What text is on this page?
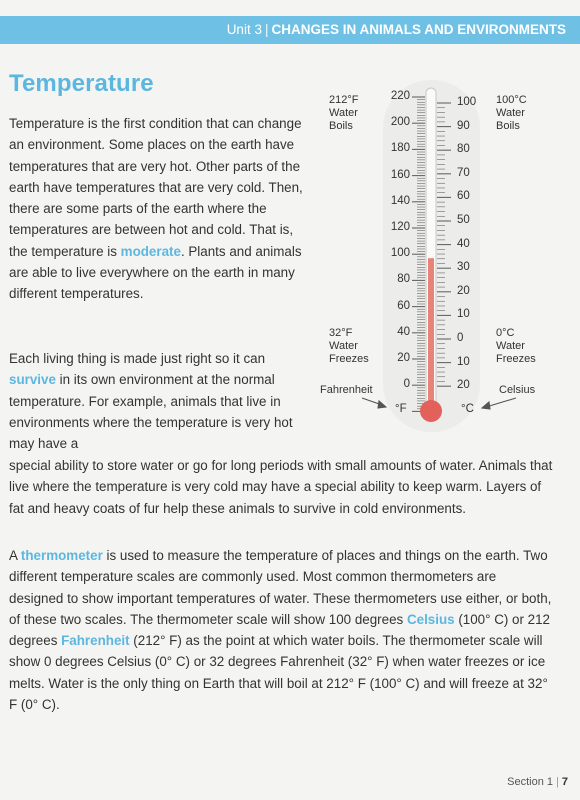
Unit 3 | CHANGES IN ANIMALS AND ENVIRONMENTS
Temperature

Temperature is the first condition that can change an environment. Some places on the earth have temperatures that are very hot. Other parts of the earth have temperatures that are very cold. Then, there are some parts of the earth where the temperatures are between hot and cold. That is, the temperature is moderate. Plants and animals are able to live everywhere on the earth in many different temperatures.

Each living thing is made just right so it can survive in its own environment at the normal temperature. For example, animals that live in environments where the temperature is very hot may have a

special ability to store water or go for long periods with small amounts of water. Animals that live where the temperature is very cold may have a special ability to keep warm. Layers of fat and heavy coats of fur help these animals to survive in cold environments.

A thermometer is used to measure the temperature of places and things on the earth. Two different temperature scales are commonly used. Most common thermometers are designed to show important temperatures of water. These thermometers use either, or both, of these two scales. The thermometer scale will show 100 degrees Celsius (100° C) or 212 degrees Fahrenheit (212° F) as the point at which water boils. The thermometer scale will show 0 degrees Celsius (0° C) or 32 degrees Fahrenheit (32° F) when water freezes or ice melts. Water is the only thing on Earth that will boil at 212° F (100° C) and will freeze at 32° F (0° C).

220
200
180
160
140
120
100
80
60
40
20
0
100
90
80
70
60
50
40
30
20
10
0
10
20
°F	°C
212°F
Water
Boils
100°C
Water
Boils
32°F
Water
Freezes
0°C
Water
Freezes
Fahrenheit	Celsius
Section 1 | 7
